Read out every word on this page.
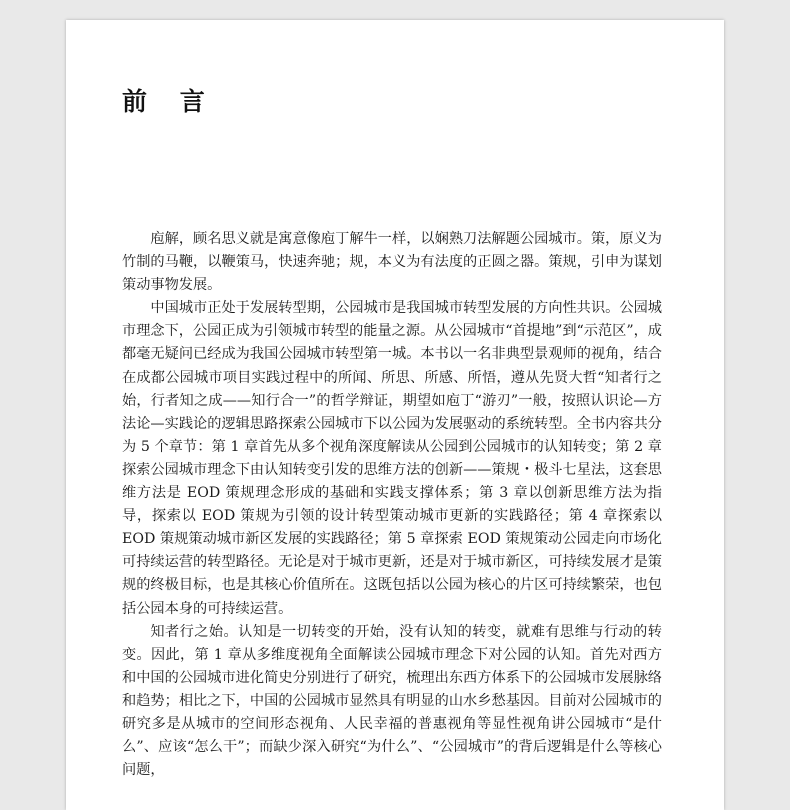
前 言

庖解，顾名思义就是寓意像庖丁解牛一样，以娴熟刀法解题公园城市。策，原义为竹制的马鞭，以鞭策马，快速奔驰；规，本义为有法度的正圆之器。策规，引申为谋划策动事物发展。

中国城市正处于发展转型期，公园城市是我国城市转型发展的方向性共识。公园城市理念下，公园正成为引领城市转型的能量之源。从公园城市“首提地”到“示范区”，成都毫无疑问已经成为我国公园城市转型第一城。本书以一名非典型景观师的视角，结合在成都公园城市项目实践过程中的所闻、所思、所感、所悟，遵从先贤大哲“知者行之始，行者知之成——知行合一”的哲学辩证，期望如庖丁“游刃”一般，按照认识论—方法论—实践论的逻辑思路探索公园城市下以公园为发展驱动的系统转型。全书内容共分为 5 个章节：第 1 章首先从多个视角深度解读从公园到公园城市的认知转变；第 2 章探索公园城市理念下由认知转变引发的思维方法的创新——策规・极斗七星法，这套思维方法是 EOD 策规理念形成的基础和实践支撑体系；第 3 章以创新思维方法为指导，探索以 EOD 策规为引领的设计转型策动城市更新的实践路径；第 4 章探索以 EOD 策规策动城市新区发展的实践路径；第 5 章探索 EOD 策规策动公园走向市场化可持续运营的转型路径。无论是对于城市更新，还是对于城市新区，可持续发展才是策规的终极目标，也是其核心价值所在。这既包括以公园为核心的片区可持续繁荣，也包括公园本身的可持续运营。

知者行之始。认知是一切转变的开始，没有认知的转变，就难有思维与行动的转变。因此，第 1 章从多维度视角全面解读公园城市理念下对公园的认知。首先对西方和中国的公园城市进化简史分别进行了研究，梳理出东西方体系下的公园城市发展脉络和趋势；相比之下，中国的公园城市显然具有明显的山水乡愁基因。目前对公园城市的研究多是从城市的空间形态视角、人民幸福的普惠视角等显性视角讲公园城市“是什么”、应该“怎么干”；而缺少深入研究“为什么”、“公园城市”的背后逻辑是什么等核心问题，
